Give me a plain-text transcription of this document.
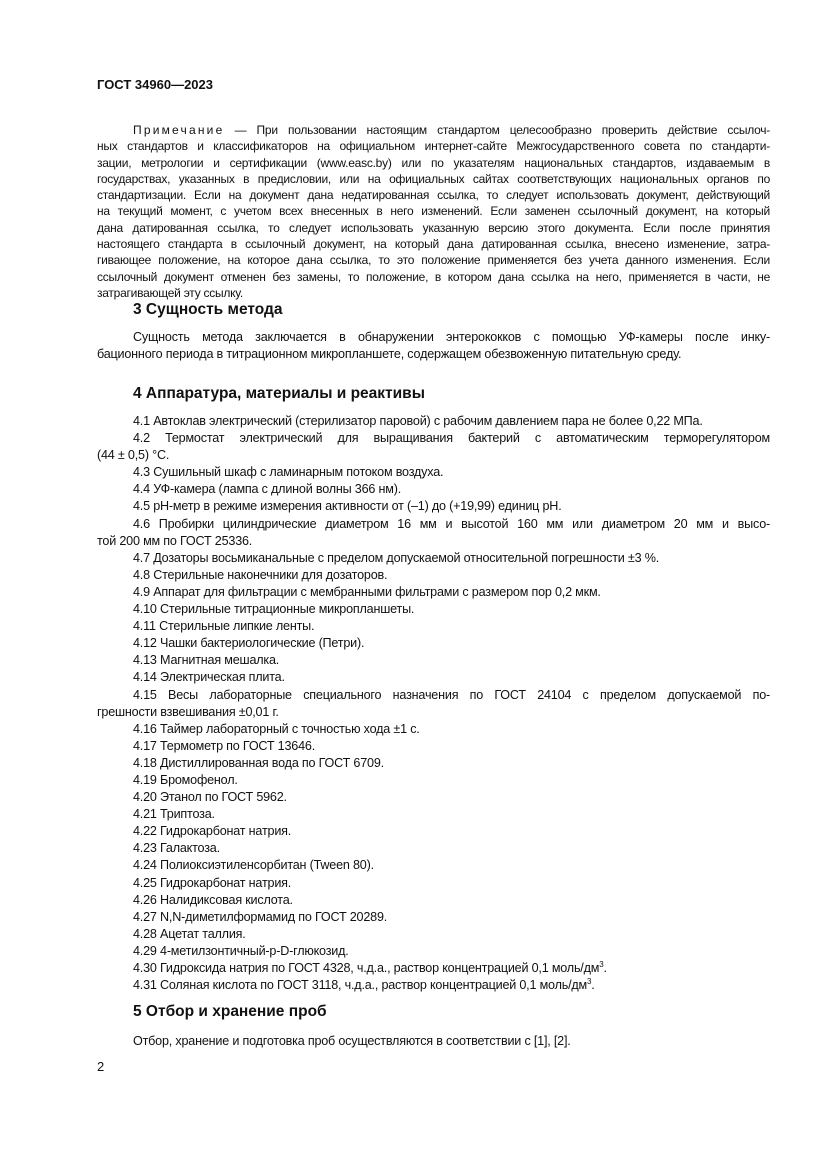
ГОСТ 34960—2023
Примечание — При пользовании настоящим стандартом целесообразно проверить действие ссылоч-
ных стандартов и классификаторов на официальном интернет-сайте Межгосударственного совета по стандарти-
зации, метрологии и сертификации (www.easc.by) или по указателям национальных стандартов, издаваемым в
государствах, указанных в предисловии, или на официальных сайтах соответствующих национальных органов по
стандартизации. Если на документ дана недатированная ссылка, то следует использовать документ, действующий
на текущий момент, с учетом всех внесенных в него изменений. Если заменен ссылочный документ, на который
дана датированная ссылка, то следует использовать указанную версию этого документа. Если после принятия
настоящего стандарта в ссылочный документ, на который дана датированная ссылка, внесено изменение, затра-
гивающее положение, на которое дана ссылка, то это положение применяется без учета данного изменения. Если
ссылочный документ отменен без замены, то положение, в котором дана ссылка на него, применяется в части, не
затрагивающей эту ссылку.
3 Сущность метода
Сущность метода заключается в обнаружении энтерококков с помощью УФ-камеры после инку-
бационного периода в титрационном микропланшете, содержащем обезвоженную питательную среду.
4 Аппаратура, материалы и реактивы
4.1 Автоклав электрический (стерилизатор паровой) с рабочим давлением пара не более 0,22 МПа.
4.2 Термостат электрический для выращивания бактерий с автоматическим терморегулятором
(44 ± 0,5) °С.
4.3 Сушильный шкаф с ламинарным потоком воздуха.
4.4 УФ-камера (лампа с длиной волны 366 нм).
4.5 pH-метр в режиме измерения активности от (–1) до (+19,99) единиц pH.
4.6 Пробирки цилиндрические диаметром 16 мм и высотой 160 мм или диаметром 20 мм и высо-
той 200 мм по ГОСТ 25336.
4.7 Дозаторы восьмиканальные с пределом допускаемой относительной погрешности ±3 %.
4.8 Стерильные наконечники для дозаторов.
4.9 Аппарат для фильтрации с мембранными фильтрами с размером пор 0,2 мкм.
4.10 Стерильные титрационные микропланшеты.
4.11 Стерильные липкие ленты.
4.12 Чашки бактериологические (Петри).
4.13 Магнитная мешалка.
4.14 Электрическая плита.
4.15 Весы лабораторные специального назначения по ГОСТ 24104 с пределом допускаемой по-
грешности взвешивания ±0,01 г.
4.16 Таймер лабораторный с точностью хода ±1 с.
4.17 Термометр по ГОСТ 13646.
4.18 Дистиллированная вода по ГОСТ 6709.
4.19 Бромофенол.
4.20 Этанол по ГОСТ 5962.
4.21 Триптоза.
4.22 Гидрокарбонат натрия.
4.23 Галактоза.
4.24 Полиоксиэтиленсорбитан (Tween 80).
4.25 Гидрокарбонат натрия.
4.26 Налидиксовая кислота.
4.27 N,N-диметилформамид по ГОСТ 20289.
4.28 Ацетат таллия.
4.29 4-метилзонтичный-р-D-глюкозид.
4.30 Гидроксида натрия по ГОСТ 4328, ч.д.а., раствор концентрацией 0,1 моль/$дм^3$.
4.31 Соляная кислота по ГОСТ 3118, ч.д.а., раствор концентрацией 0,1 моль/$дм^3$.
5 Отбор и хранение проб
Отбор, хранение и подготовка проб осуществляются в соответствии с [1], [2].
2
